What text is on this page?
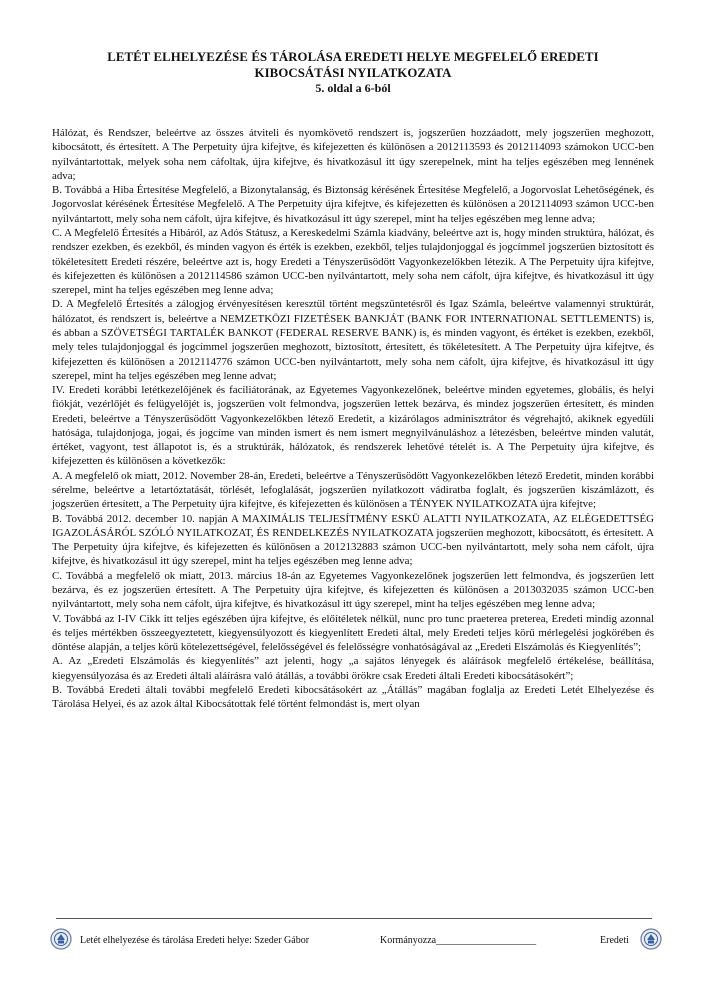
LETÉT ELHELYEZÉSE ÉS TÁROLÁSA EREDETI HELYE MEGFELELŐ EREDETI
KIBOCSÁTÁSI NYILATKOZATA
5. oldal a 6-ból

Hálózat, és Rendszer, beleértve az összes átviteli és nyomkövető rendszert is, jogszerűen hozzáadott, mely jogszerűen meghozott, kibocsátott, és értesített. A The Perpetuity újra kifejtve, és kifejezetten és különösen a 2012113593 és 2012114093 számokon UCC-ben nyilvántartottak, melyek soha nem cáfoltak, újra kifejtve, és hivatkozásul itt úgy szerepelnek, mint ha teljes egészében meg lennének adva;

B. Továbbá a Hiba Értesítése Megfelelő, a Bizonytalanság, és Biztonság kérésének Értesítése Megfelelő, a Jogorvoslat Lehetőségének, és Jogorvoslat kérésének Értesítése Megfelelő. A The Perpetuity újra kifejtve, és kifejezetten és különösen a 2012114093 számon UCC-ben nyilvántartott, mely soha nem cáfolt, újra kifejtve, és hivatkozásul itt úgy szerepel, mint ha teljes egészében meg lenne adva;

C. A Megfelelő Értesítés a Hibáról, az Adós Státusz, a Kereskedelmi Számla kiadvány, beleértve azt is, hogy minden struktúra, hálózat, és rendszer ezekben, és ezekből, és minden vagyon és érték is ezekben, ezekből, teljes tulajdonjoggal és jogcímmel jogszerűen biztosított és tökéletesített Eredeti részére, beleértve azt is, hogy Eredeti a Tényszerűsödött Vagyonkezelőkben létezik. A The Perpetuity újra kifejtve, és kifejezetten és különösen a 2012114586 számon UCC-ben nyilvántartott, mely soha nem cáfolt, újra kifejtve, és hivatkozásul itt úgy szerepel, mint ha teljes egészében meg lenne adva;

D. A Megfelelő Értesítés a zálogjog érvényesítésen keresztül történt megszüntetésről és Igaz Számla, beleértve valamennyi struktúrát, hálózatot, és rendszert is, beleértve a NEMZETKÖZI FIZETÉSEK BANKJÁT (BANK FOR INTERNATIONAL SETTLEMENTS) is, és abban a SZÖVETSÉGI TARTALÉK BANKOT (FEDERAL RESERVE BANK) is, és minden vagyont, és értéket is ezekben, ezekből, mely teles tulajdonjoggal és jogcímmel jogszerűen meghozott, biztosított, értesített, és tökéletesített. A The Perpetuity újra kifejtve, és kifejezetten és különösen a 2012114776 számon UCC-ben nyilvántartott, mely soha nem cáfolt, újra kifejtve, és hivatkozásul itt úgy szerepel, mint ha teljes egészében meg lenne advat;

IV. Eredeti korábbi letétkezelőjének és faciliátorának, az Egyetemes Vagyonkezelőnek, beleértve minden egyetemes, globális, és helyi fiókját, vezérlőjét és felügyelőjét is, jogszerűen volt felmondva, jogszerűen lettek bezárva, és mindez jogszerűen értesített, és minden Eredeti, beleértve a Tényszerűsödött Vagyonkezelőkben létező Eredetit, a kizárólagos adminisztrátor és végrehajtó, akiknek egyedüli hatósága, tulajdonjoga, jogai, és jogcíme van minden ismert és nem ismert megnyilvánuláshoz a létezésben, beleértve minden valutát, értéket, vagyont, test állapotot is, és a struktúrák, hálózatok, és rendszerek lehetővé tételét is. A The Perpetuity újra kifejtve, és kifejezetten és különösen a következők:

A. A megfelelő ok miatt, 2012. November 28-án, Eredeti, beleértve a Tényszerűsödött Vagyonkezelőkben létező Eredetit, minden korábbi sérelme, beleértve a letartóztatását, törlését, lefoglalását, jogszerűen nyilatkozott vádiratba foglalt, és jogszerűen kiszámlázott, és jogszerűen értesített, a The Perpetuity újra kifejtve, és kifejezetten és különösen a TÉNYEK NYILATKOZATA újra kifejtve;

B. Továbbá 2012. december 10. napján A MAXIMÁLIS TELJESÍTMÉNY ESKÜ ALATTI NYILATKOZATA, AZ ELÉGEDETTSÉG IGAZOLÁSÁRÓL SZÓLÓ NYILATKOZAT, ÉS RENDELKEZÉS NYILATKOZATA jogszerűen meghozott, kibocsátott, és értesített. A The Perpetuity újra kifejtve, és kifejezetten és különösen a 2012132883 számon UCC-ben nyilvántartott, mely soha nem cáfolt, újra kifejtve, és hivatkozásul itt úgy szerepel, mint ha teljes egészében meg lenne adva;

C. Továbbá a megfelelő ok miatt, 2013. március 18-án az Egyetemes Vagyonkezelőnek jogszerűen lett felmondva, és jogszerűen lett bezárva, és ez jogszerűen értesített. A The Perpetuity újra kifejtve, és kifejezetten és különösen a 2013032035 számon UCC-ben nyilvántartott, mely soha nem cáfolt, újra kifejtve, és hivatkozásul itt úgy szerepel, mint ha teljes egészében meg lenne adva;

V. Továbbá az I-IV Cikk itt teljes egészében újra kifejtve, és előítéletek nélkül, nunc pro tunc praeterea preterea, Eredeti mindig azonnal és teljes mértékben összeegyeztetett, kiegyensúlyozott és kiegyenlített Eredeti által, mely Eredeti teljes körű mérlegelési jogkörében és döntése alapján, a teljes körű kötelezettségével, felelősségével és felelősségre vonhatóságával az „Eredeti Elszámolás és Kiegyenlítés”;

A. Az „Eredeti Elszámolás és kiegyenlítés” azt jelenti, hogy „a sajátos lényegek és aláírások megfelelő értékelése, beállítása, kiegyensúlyozása és az Eredeti általi aláírásra való átállás, a további örökre csak Eredeti általi Eredeti kibocsátásokért”;

B. Továbbá Eredeti általi további megfelelő Eredeti kibocsátásokért az „Átállás” magában foglalja az Eredeti Letét Elhelyezése és Tárolása Helyei, és az azok által Kibocsátottak felé történt felmondást is, mert olyan

Letét elhelyezése és tárolása Eredeti helye: Szeder Gábor	Kormányozza____________________	Eredeti
